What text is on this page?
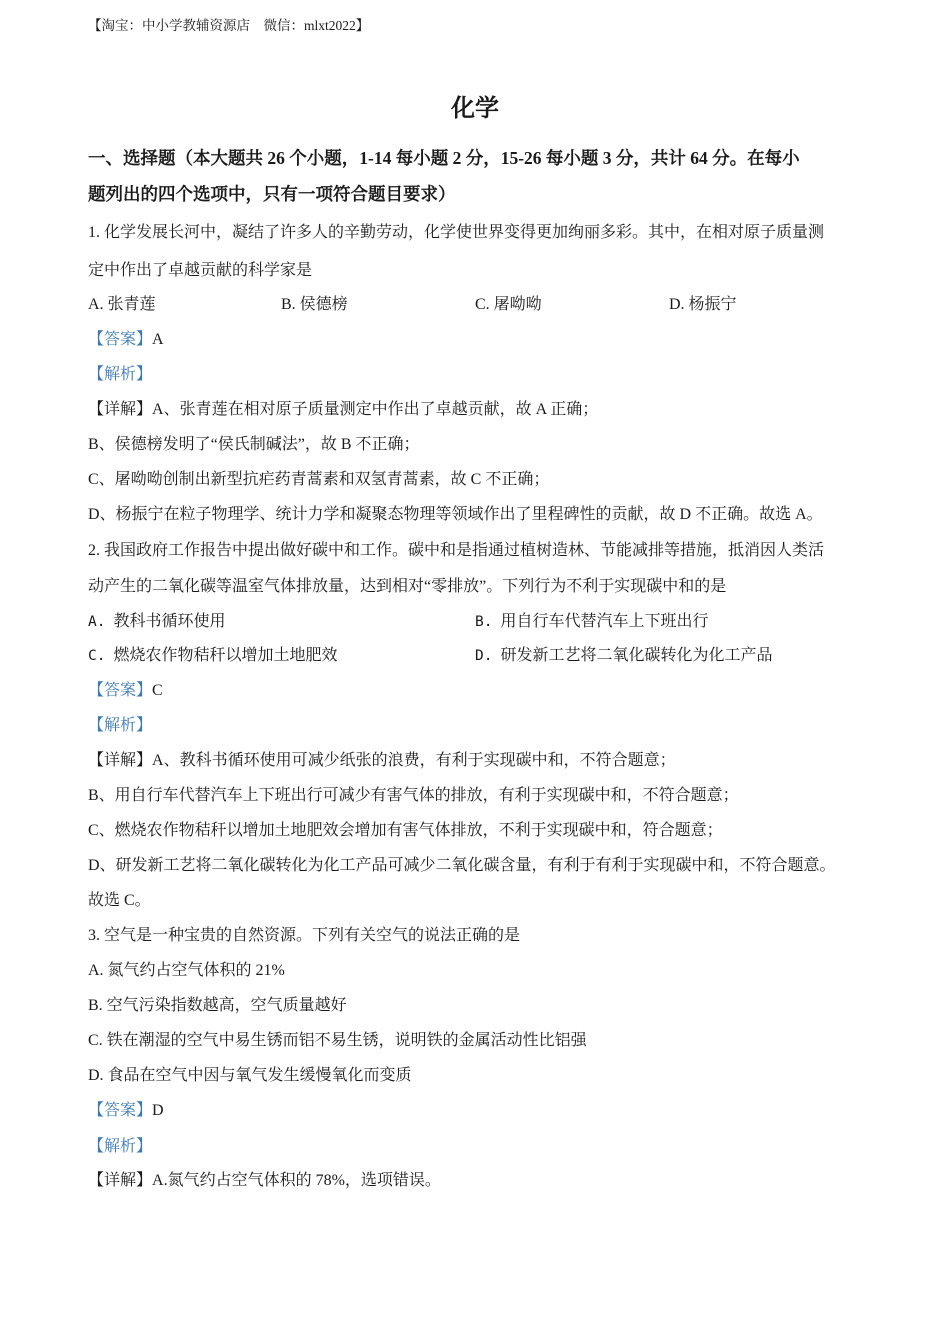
【淘宝：中小学教辅资源店　微信：mlxt2022】
化学
一、选择题（本大题共 26 个小题，1-14 每小题 2 分，15-26 每小题 3 分，共计 64 分。在每小
题列出的四个选项中，只有一项符合题目要求）
1. 化学发展长河中，凝结了许多人的辛勤劳动，化学使世界变得更加绚丽多彩。其中，在相对原子质量测
定中作出了卓越贡献的科学家是
A. 张青莲	B. 侯德榜	C. 屠呦呦	D. 杨振宁
【答案】A
【解析】
【详解】A、张青莲在相对原子质量测定中作出了卓越贡献，故 A 正确；
B、侯德榜发明了“侯氏制碱法”，故 B 不正确；
C、屠呦呦创制出新型抗疟药青蒿素和双氢青蒿素，故 C 不正确；
D、杨振宁在粒子物理学、统计力学和凝聚态物理等领域作出了里程碑性的贡献，故 D 不正确。故选 A。
2. 我国政府工作报告中提出做好碳中和工作。碳中和是指通过植树造林、节能减排等措施，抵消因人类活
动产生的二氧化碳等温室气体排放量，达到相对“零排放”。下列行为不利于实现碳中和的是
A. 教科书循环使用	B. 用自行车代替汽车上下班出行
C. 燃烧农作物秸秆以增加土地肥效	D. 研发新工艺将二氧化碳转化为化工产品
【答案】C
【解析】
【详解】A、教科书循环使用可减少纸张的浪费，有利于实现碳中和，不符合题意；
B、用自行车代替汽车上下班出行可减少有害气体的排放，有利于实现碳中和，不符合题意；
C、燃烧农作物秸秆以增加土地肥效会增加有害气体排放，不利于实现碳中和，符合题意；
D、研发新工艺将二氧化碳转化为化工产品可减少二氧化碳含量，有利于有利于实现碳中和，不符合题意。
故选 C。
3. 空气是一种宝贵的自然资源。下列有关空气的说法正确的是
A. 氮气约占空气体积的 21%
B. 空气污染指数越高，空气质量越好
C. 铁在潮湿的空气中易生锈而铝不易生锈，说明铁的金属活动性比铝强
D. 食品在空气中因与氧气发生缓慢氧化而变质
【答案】D
【解析】
【详解】A.氮气约占空气体积的 78%，选项错误。
